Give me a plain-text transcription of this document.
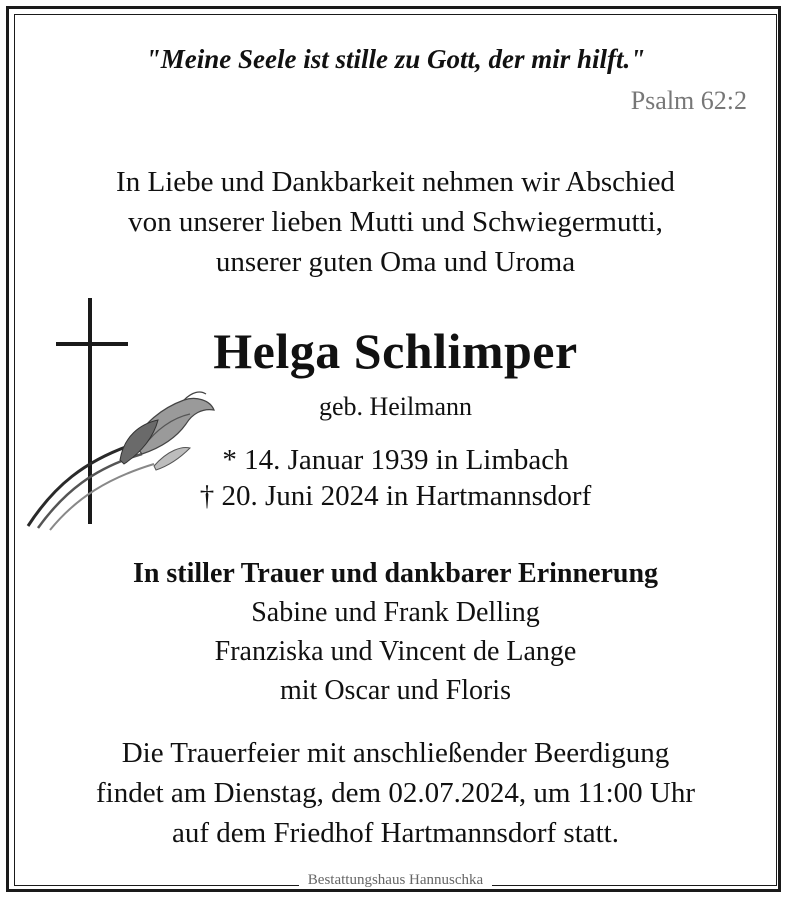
"Meine Seele ist stille zu Gott, der mir hilft."
Psalm 62:2
In Liebe und Dankbarkeit nehmen wir Abschied
von unserer lieben Mutti und Schwiegermutti,
unserer guten Oma und Uroma
Helga Schlimper
geb. Heilmann
* 14. Januar 1939 in Limbach
† 20. Juni 2024 in Hartmannsdorf
In stiller Trauer und dankbarer Erinnerung
Sabine und Frank Delling
Franziska und Vincent de Lange
mit Oscar und Floris
Die Trauerfeier mit anschließender Beerdigung
findet am Dienstag, dem 02.07.2024, um 11:00 Uhr
auf dem Friedhof Hartmannsdorf statt.
Bestattungshaus Hannuschka
